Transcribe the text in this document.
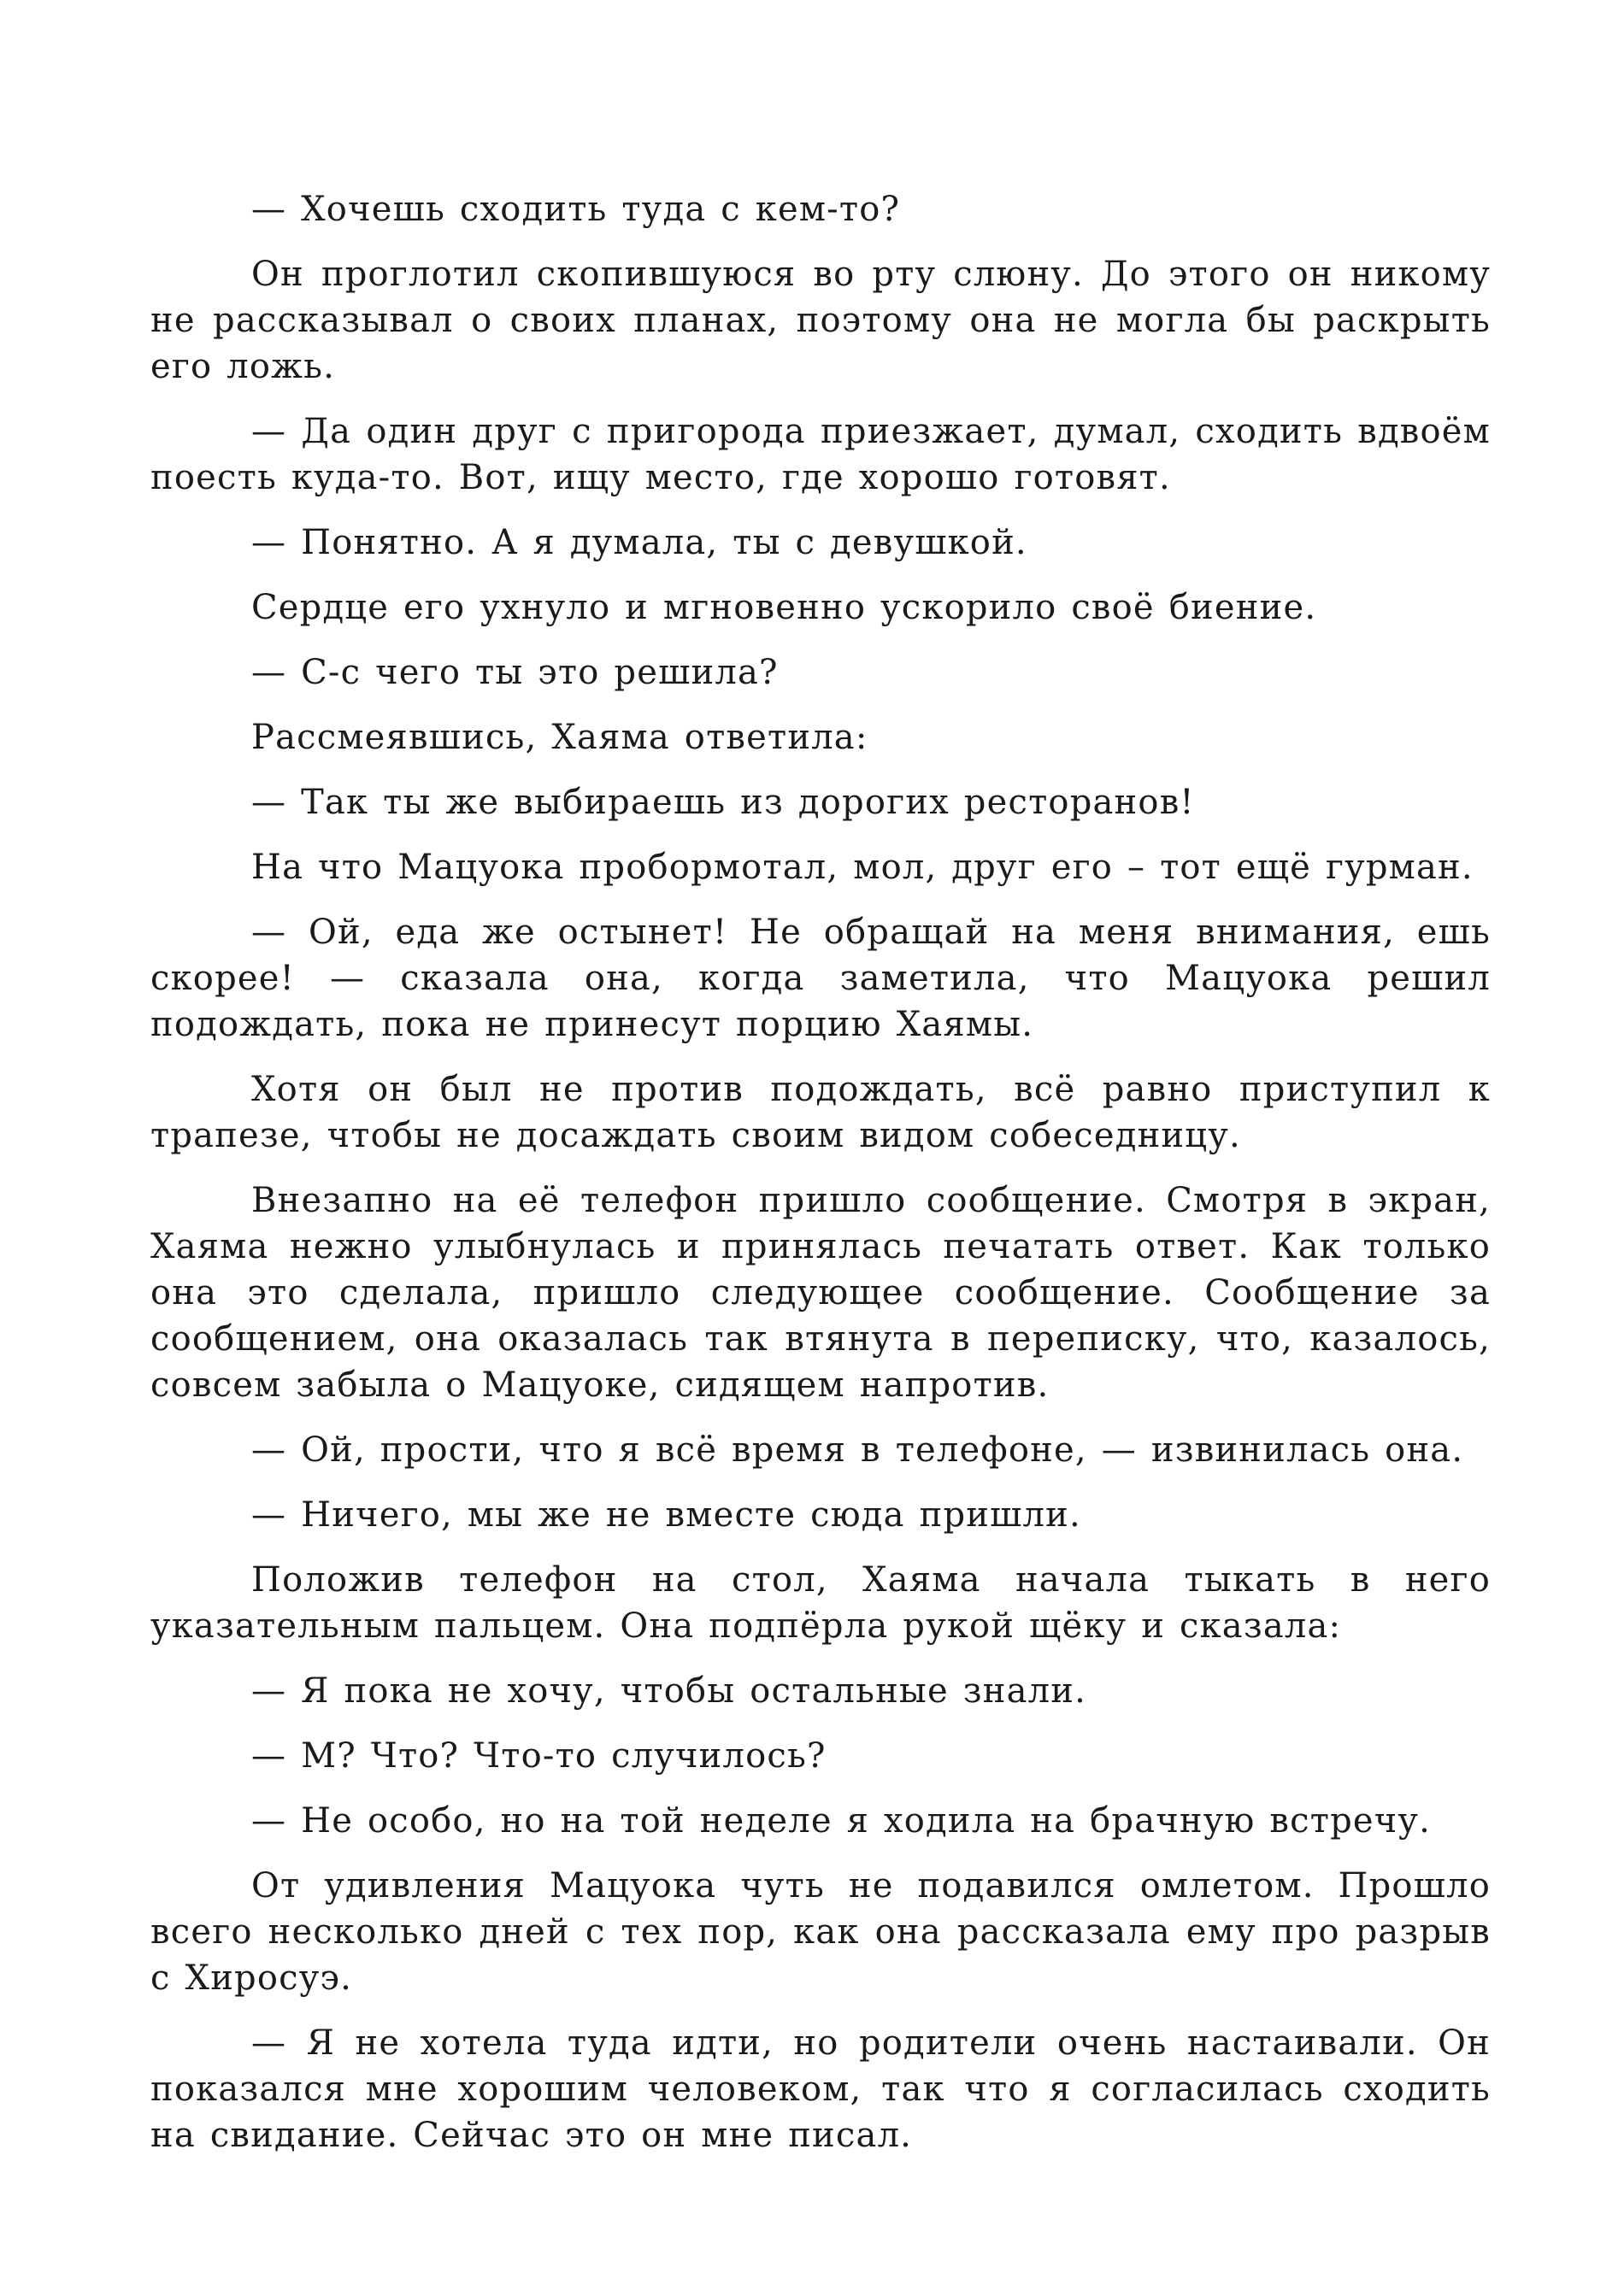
— Хочешь сходить туда с кем-то?

Он проглотил скопившуюся во рту слюну. До этого он никому не рассказывал о своих планах, поэтому она не могла бы раскрыть его ложь.

— Да один друг с пригорода приезжает, думал, сходить вдвоём поесть куда-то. Вот, ищу место, где хорошо готовят.

— Понятно. А я думала, ты с девушкой.

Сердце его ухнуло и мгновенно ускорило своё биение.

— С-с чего ты это решила?

Рассмеявшись, Хаяма ответила:

— Так ты же выбираешь из дорогих ресторанов!

На что Мацуока пробормотал, мол, друг его – тот ещё гурман.

— Ой, еда же остынет! Не обращай на меня внимания, ешь скорее! — сказала она, когда заметила, что Мацуока решил подождать, пока не принесут порцию Хаямы.

Хотя он был не против подождать, всё равно приступил к трапезе, чтобы не досаждать своим видом собеседницу.

Внезапно на её телефон пришло сообщение. Смотря в экран, Хаяма нежно улыбнулась и принялась печатать ответ. Как только она это сделала, пришло следующее сообщение. Сообщение за сообщением, она оказалась так втянута в переписку, что, казалось, совсем забыла о Мацуоке, сидящем напротив.

— Ой, прости, что я всё время в телефоне, — извинилась она.

— Ничего, мы же не вместе сюда пришли.

Положив телефон на стол, Хаяма начала тыкать в него указательным пальцем. Она подпёрла рукой щёку и сказала:

— Я пока не хочу, чтобы остальные знали.

— М? Что? Что-то случилось?

— Не особо, но на той неделе я ходила на брачную встречу.

От удивления Мацуока чуть не подавился омлетом. Прошло всего несколько дней с тех пор, как она рассказала ему про разрыв с Хиросуэ.

— Я не хотела туда идти, но родители очень настаивали. Он показался мне хорошим человеком, так что я согласилась сходить на свидание. Сейчас это он мне писал.
